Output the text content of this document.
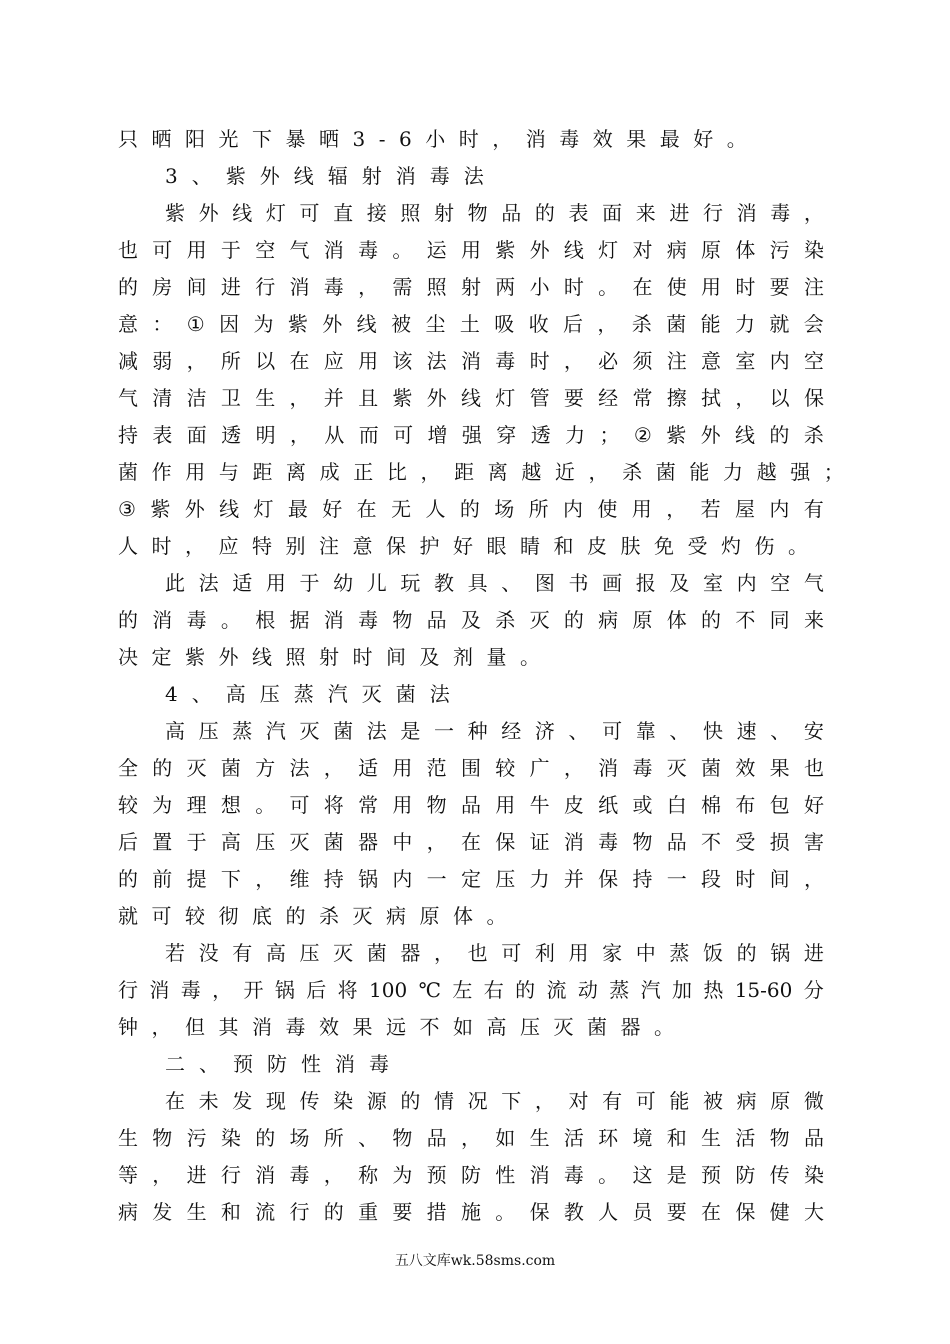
只晒阳光下暴晒3-6小时，消毒效果最好。
3、紫外线辐射消毒法
紫 外 线 灯 可 直 接 照 射 物 品 的 表 面 来 进 行 消 毒 ，
也 可 用 于 空 气 消 毒 。 运 用 紫 外 线 灯 对 病 原 体 污 染
的 房 间 进 行 消 毒 ， 需 照 射 两 小 时 。 在 使 用 时 要 注
意 ： ① 因 为 紫 外 线 被 尘 土 吸 收 后 ， 杀 菌 能 力 就 会
减 弱 ， 所 以 在 应 用 该 法 消 毒 时 ， 必 须 注 意 室 内 空
气 清 洁 卫 生 ， 并 且 紫 外 线 灯 管 要 经 常 擦 拭 ， 以 保
持 表 面 透 明 ， 从 而 可 增 强 穿 透 力 ； ② 紫 外 线 的 杀
菌 作 用 与 距 离 成 正 比 ， 距 离 越 近 ， 杀 菌 能 力 越 强 ；
③ 紫 外 线 灯 最 好 在 无 人 的 场 所 内 使 用 ， 若 屋 内 有
人时，应特别注意保护好眼睛和皮肤免受灼伤。
此 法 适 用 于 幼 儿 玩 教 具 、 图 书 画 报 及 室 内 空 气
的 消 毒 。 根 据 消 毒 物 品 及 杀 灭 的 病 原 体 的 不 同 来
决定紫外线照射时间及剂量。
4、高压蒸汽灭菌法
高 压 蒸 汽 灭 菌 法 是 一 种 经 济 、 可 靠 、 快 速 、 安
全 的 灭 菌 方 法 ， 适 用 范 围 较 广 ， 消 毒 灭 菌 效 果 也
较 为 理 想 。 可 将 常 用 物 品 用 牛 皮 纸 或 白 棉 布 包 好
后 置 于 高 压 灭 菌 器 中 ， 在 保 证 消 毒 物 品 不 受 损 害
的 前 提 下 ， 维 持 锅 内 一 定 压 力 并 保 持 一 段 时 间 ，
就可较彻底的杀灭病原体。
若 没 有 高 压 灭 菌 器 ， 也 可 利 用 家 中 蒸 饭 的 锅 进
行 消 毒 ， 开 锅 后 将 100 ℃ 左 右 的 流 动 蒸 汽 加 热 15-60 分
钟，但其消毒效果远不如高压灭菌器。
二、预防性消毒
在 未 发 现 传 染 源 的 情 况 下 ， 对 有 可 能 被 病 原 微
生 物 污 染 的 场 所 、 物 品 ， 如 生 活 环 境 和 生 活 物 品
等 ， 进 行 消 毒 ， 称 为 预 防 性 消 毒 。 这 是 预 防 传 染
病 发 生 和 流 行 的 重 要 措 施 。 保 教 人 员 要 在 保 健 大
五八文库wk.58sms.com
